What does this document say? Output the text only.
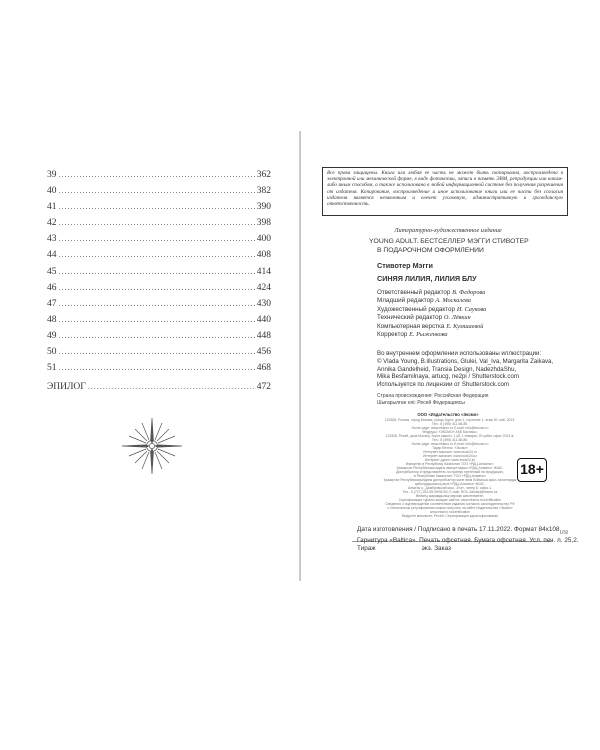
39 .....	362
40 .....	382
41 .....	390
42 .....	398
43 .....	400
44 .....	408
45 .....	414
46 .....	424
47 .....	430
48 .....	440
49 .....	448
50 .....	456
51 .....	468
ЭПИЛОГ .....	472
Все права защищены. Книга или любая ее часть не может быть скопирована, воспроизведена в электронной или механической форме, в виде фотокопии, записи в память ЭВМ, репродукции или каким-либо иным способом, а также использована в любой информационной системе без получения разрешения от издателя. Копирование, воспроизведение и иное использование книги или ее части без согласия издателя является незаконным и влечет уголовную, административную и гражданскую ответственность.
Литературно-художественное издание
YOUNG ADULT. БЕСТСЕЛЛЕР МЭГГИ СТИВОТЕР
В ПОДАРОЧНОМ ОФОРМЛЕНИИ
Стивотер Мэгги
СИНЯЯ ЛИЛИЯ, ЛИЛИЯ БЛУ
Ответственный редактор В. Федорова
Младший редактор А. Москалева
Художественный редактор И. Саукова
Технический редактор О. Лёвкин
Компьютерная верстка Е. Кумшаевой
Корректор Е. Рыженкова
Во внутреннем оформлении использованы иллюстрации:
© Vlada Young, B.illustrations, Glulei, Val_Iva, Margarita Zaikava,
Annika Gandelheid, Transia Design, NadezhdaShu,
Mika Besfamilnaya, artucg, ne2pi / Shutterstock.com
Используется по лицензии от Shutterstock.com
Страна происхождения: Российская Федерация
Шығарылған елі: Ресей Федерациясы
ООО «Издательство «Эксмо»
123308, Россия, город Москва, улица Зорге, дом 1, строение 1, этаж 20, каб. 2013.
Тел.: 8 (495) 411-68-86.
Home page: www.eksmo.ru E-mail: info@eksmo.ru
Өндіруші: «ЭКСМО» АҚБ Баспасы,
123308, Ресей, қала Мәскеу, Зорге көшесі, 1 үй, 1 ғимарат, 20 қабат, офис 2013 ж.
Тел.: 8 (495) 411-68-86.
Home page: www.eksmo.ru E-mail: info@eksmo.ru
Тауар белгісі: «Эксмо»
Интернет-магазин: www.book24.ru
Интернет-магазин: www.book24.kz
Интернет-дүкен: www.book24.kz
Импортёр в Республику Казахстан ТОО «РДЦ-Алматы».
Қазақстан Республикасындағы импорттаушы «РДЦ-Алматы» ЖШС.
Дистрибьютор и представитель по приему претензий на продукцию,
в Республике Казахстан: ТОО «РДЦ-Алматы»
Қазақстан Республикасындағы дистрибьютор және өнім бойынша арыз-талаптарды
қабылдаушының өкілі «РДЦ-Алматы» ЖШС,
Алматы қ., Домбровский көш., 3«а», литер Б, офис 1.
Тел.: 8 (727) 251-59-90/91/92; E-mail: RDC-Almaty@eksmo.kz
Өнімнің жарамдылық мерзімі шектелмеген.
Сертификация туралы ақпарат сайтта: www.eksmo.ru/certification
Сведения о подтверждении соответствия издания согласно законодательству РФ
о техническом регулировании можно получить на сайте Издательства «Эксмо»
www.eksmo.ru/certification
Өндірген мемлекет: Ресей. Сертификация қарастырылмаған
18+
Дата изготовления / Подписано в печать 17.11.2022. Формат $84x108_{1/32}$
Гарнитура «Baltica». Печать офсетная. Бумага офсетная. Усл. печ. л. 25,2.
Тираж	экз. Заказ
